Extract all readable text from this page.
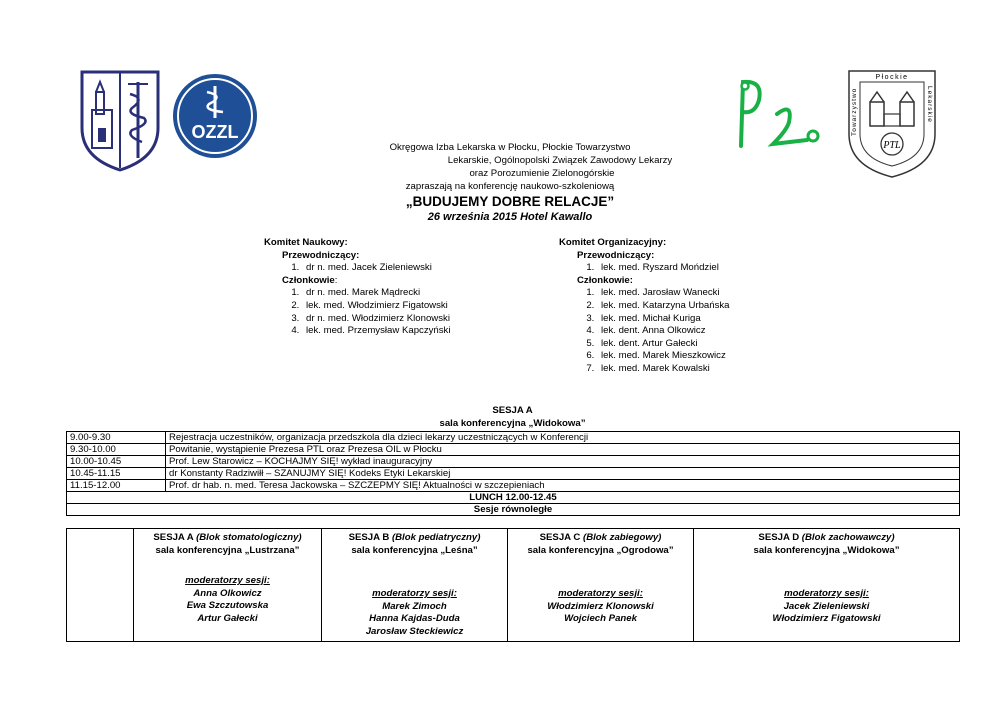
OZZL
Płockie
Towarzystwo	Lekarskie
PTL
Okręgowa Izba Lekarska w Płocku, Płockie Towarzystwo
Lekarskie, Ogólnopolski Związek Zawodowy Lekarzy
oraz Porozumienie Zielonogórskie
zapraszają na konferencję naukowo-szkoleniową
„BUDUJEMY DOBRE RELACJE”
26 września 2015 Hotel Kawallo
Komitet Naukowy:
Przewodniczący:
1. dr n. med. Jacek Zieleniewski
Członkowie:
1. dr n. med. Marek Mądrecki
2. lek. med. Włodzimierz Figatowski
3. dr n. med. Włodzimierz Klonowski
4. lek. med. Przemysław Kapczyński
Komitet Organizacyjny:
Przewodniczący:
1. lek. med. Ryszard Mońdziel
Członkowie:
1. lek. med. Jarosław Wanecki
2. lek. med. Katarzyna Urbańska
3. lek. med. Michał Kuriga
4. lek. dent. Anna Olkowicz
5. lek. dent. Artur Gałecki
6. lek. med. Marek Mieszkowicz
7. lek. med. Marek Kowalski
SESJA A
sala konferencyjna „Widokowa”
9.00-9.30	Rejestracja uczestników, organizacja przedszkola dla dzieci lekarzy uczestniczących w Konferencji
9.30-10.00	Powitanie, wystąpienie Prezesa PTL oraz Prezesa OIL w Płocku
10.00-10.45	Prof. Lew Starowicz – KOCHAJMY SIĘ! wykład inauguracyjny
10.45-11.15	dr Konstanty Radziwiłł – SZANUJMY SIĘ! Kodeks Etyki Lekarskiej
11.15-12.00	Prof. dr hab. n. med. Teresa Jackowska – SZCZEPMY SIĘ! Aktualności w szczepieniach
LUNCH 12.00-12.45	
Sesje równoległe	

SESJA A (Blok stomatologiczny)
sala konferencyjna „Lustrzana”
moderatorzy sesji:
Anna Olkowicz
Ewa Szczutowska
Artur Gałecki

SESJA B (Blok pediatryczny)
sala konferencyjna „Leśna”
moderatorzy sesji:
Marek Zimoch
Hanna Kajdas-Duda
Jarosław Steckiewicz

SESJA C (Blok zabiegowy)
sala konferencyjna „Ogrodowa”
moderatorzy sesji:
Włodzimierz Klonowski
Wojciech Panek

SESJA D (Blok zachowawczy)
sala konferencyjna „Widokowa”
moderatorzy sesji:
Jacek Zieleniewski
Włodzimierz Figatowski
